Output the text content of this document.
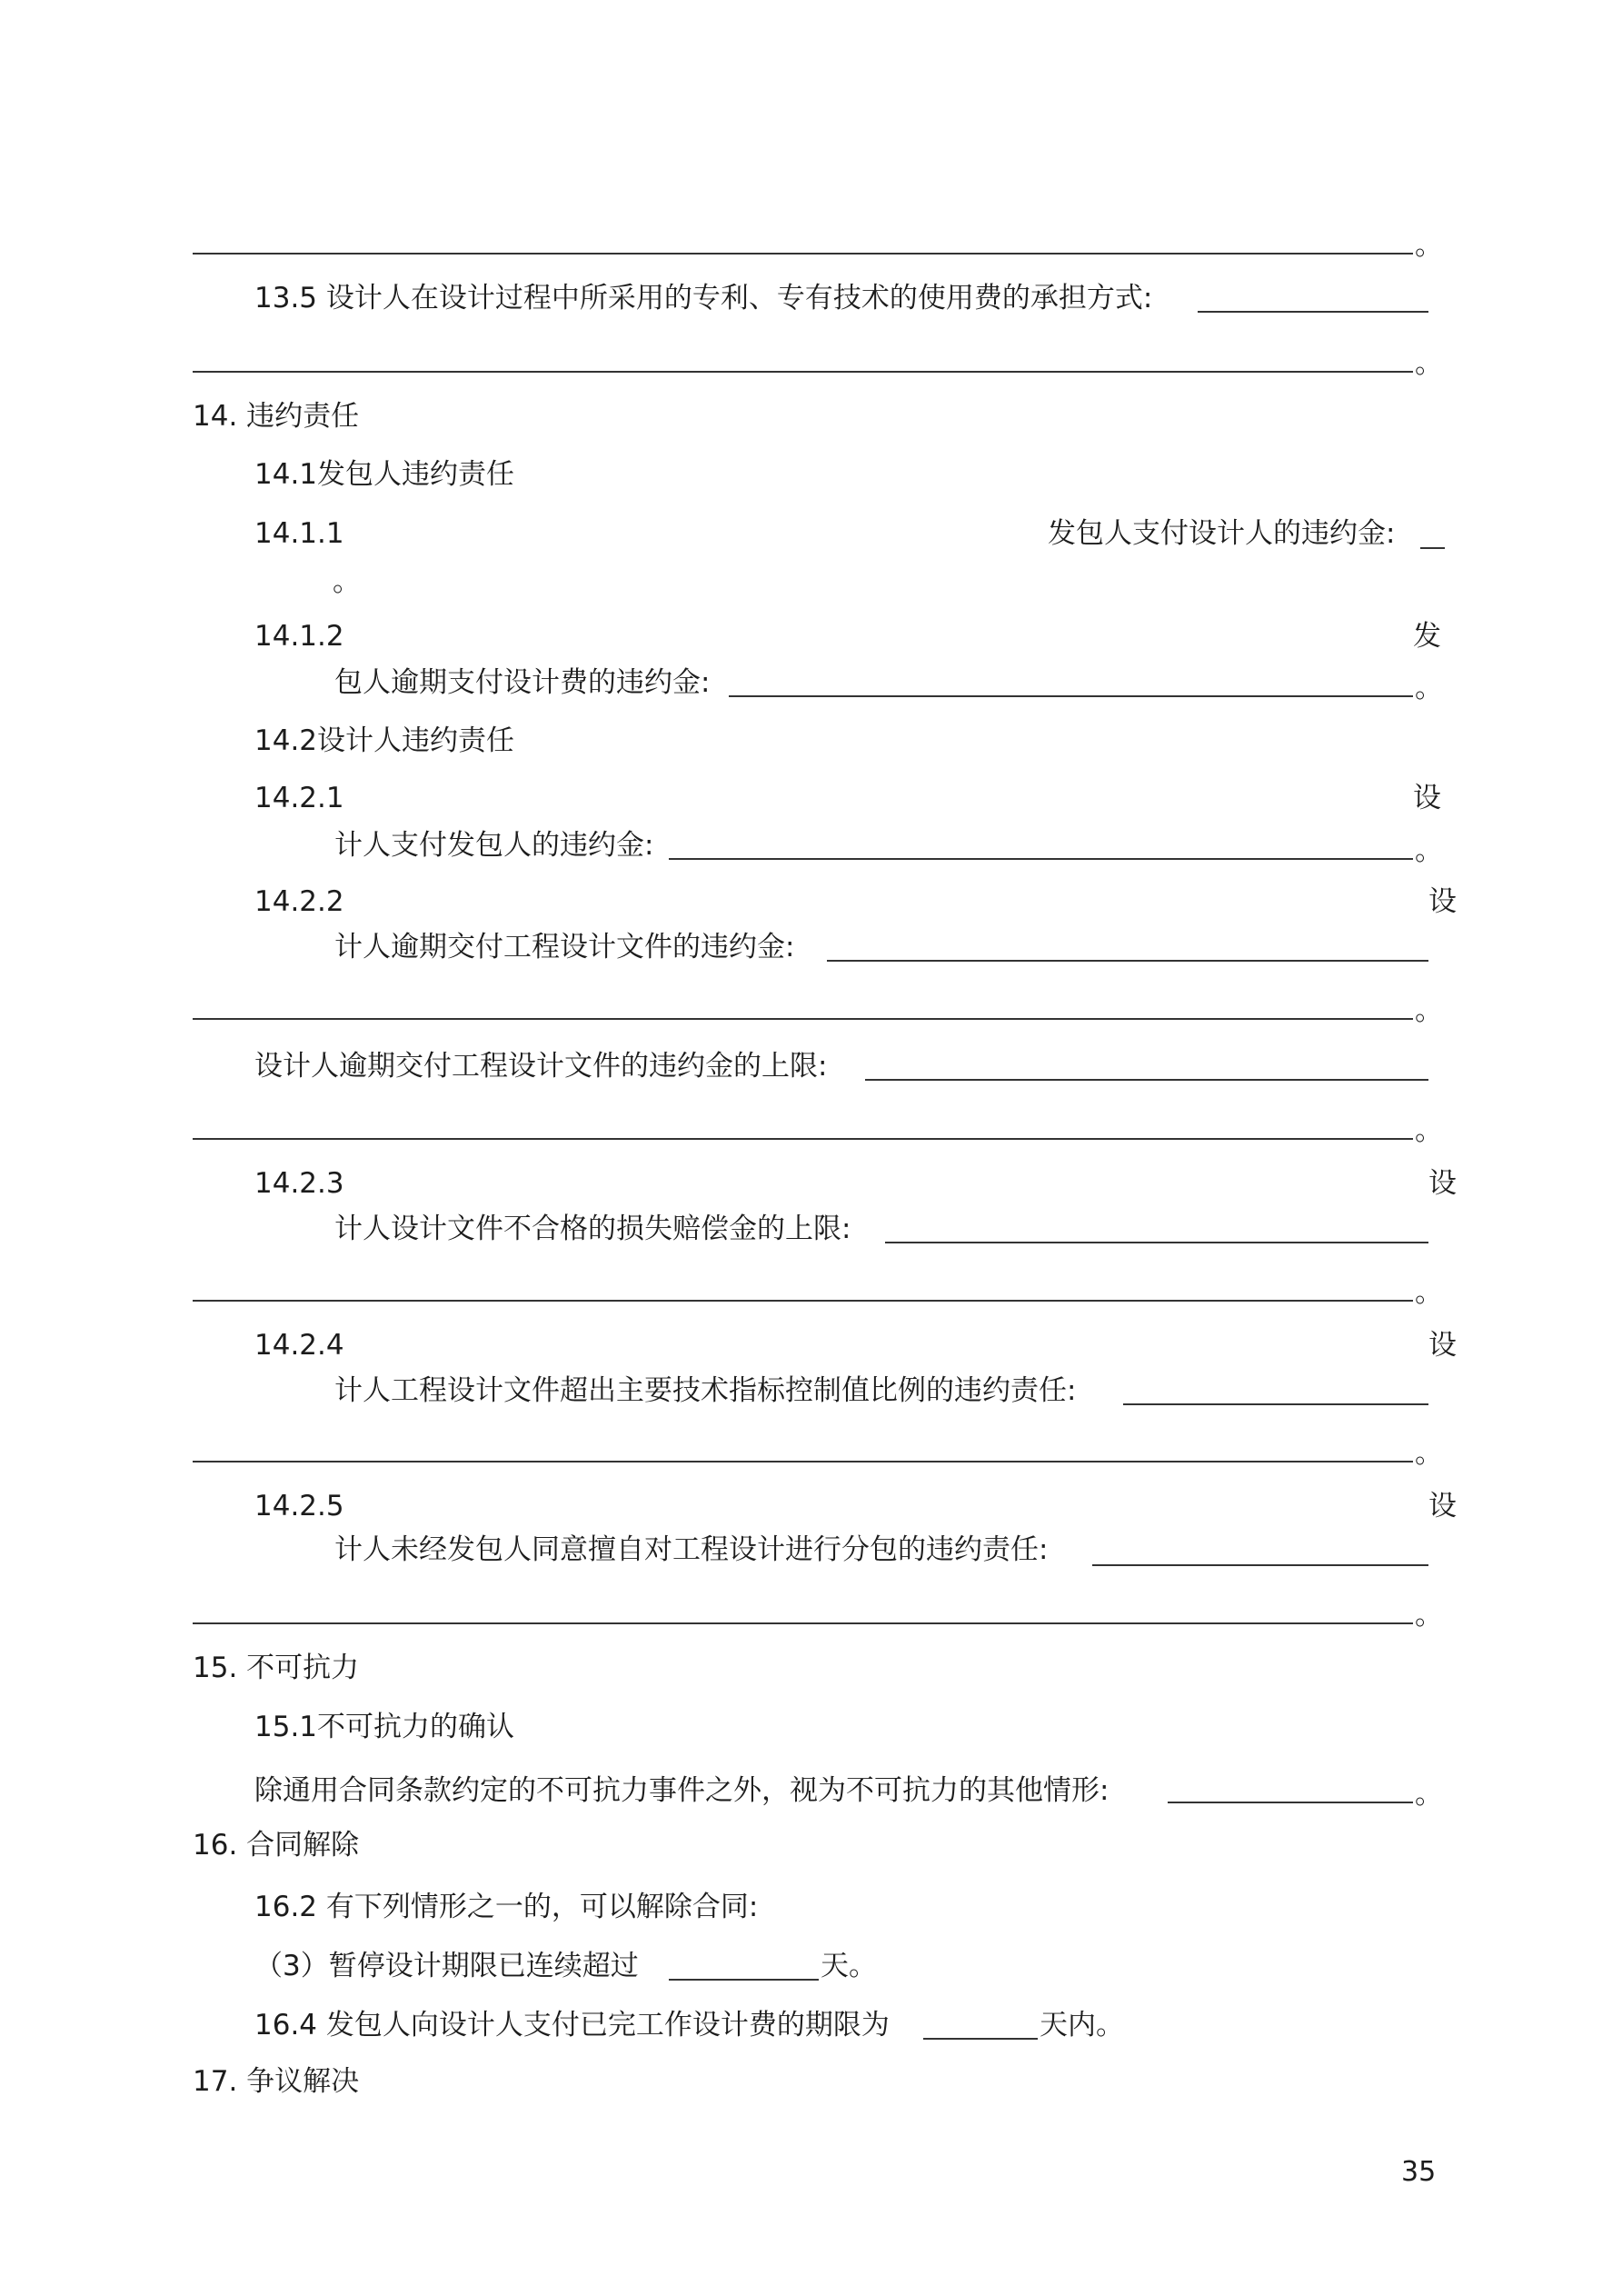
。
13.5 设计人在设计过程中所采用的专利、专有技术的使用费的承担方式:
。
14. 违约责任
14.1发包人违约责任
14.1.1	发包人支付设计人的违约金:
。
14.1.2	发
包人逾期支付设计费的违约金:	。
14.2设计人违约责任
14.2.1	设
计人支付发包人的违约金:	。
14.2.2	设
计人逾期交付工程设计文件的违约金:
。
设计人逾期交付工程设计文件的违约金的上限:
。
14.2.3	设
计人设计文件不合格的损失赔偿金的上限:
。
14.2.4	设
计人工程设计文件超出主要技术指标控制值比例的违约责任:
。
14.2.5	设
计人未经发包人同意擅自对工程设计进行分包的违约责任:
。
15. 不可抗力
15.1不可抗力的确认
除通用合同条款约定的不可抗力事件之外，视为不可抗力的其他情形:	。
16. 合同解除
16.2 有下列情形之一的，可以解除合同:
（3）暂停设计期限已连续超过	天。
16.4 发包人向设计人支付已完工作设计费的期限为	天内。
17. 争议解决
35
